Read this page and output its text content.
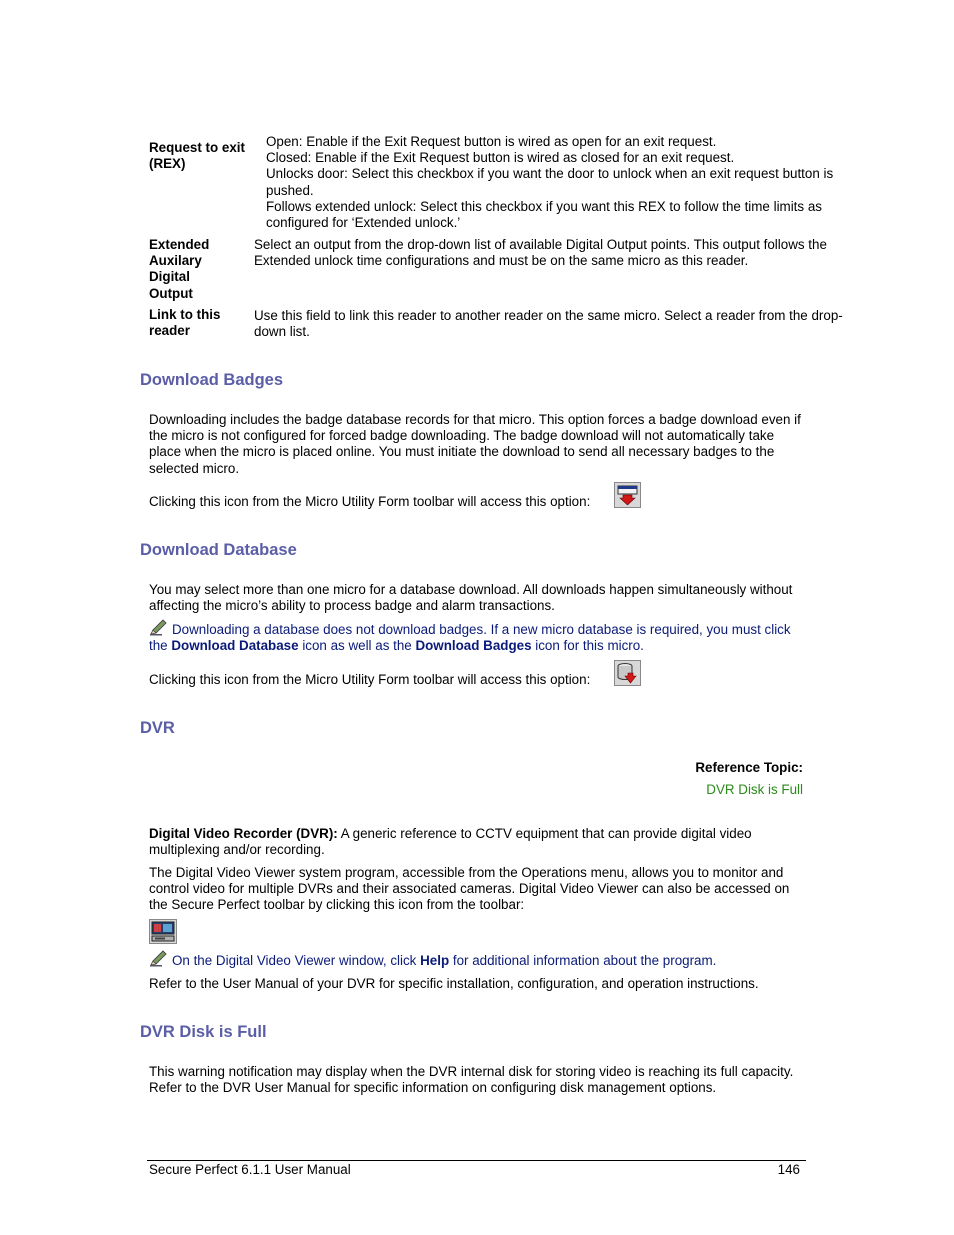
Request to exit (REX)
Open: Enable if the Exit Request button is wired as open for an exit request.
Closed: Enable if the Exit Request button is wired as closed for an exit request.
Unlocks door: Select this checkbox if you want the door to unlock when an exit request button is pushed.
Follows extended unlock: Select this checkbox if you want this REX to follow the time limits as configured for ‘Extended unlock.’
Extended Auxilary Digital Output
Select an output from the drop-down list of available Digital Output points. This output follows the Extended unlock time configurations and must be on the same micro as this reader.
Link to this reader
Use this field to link this reader to another reader on the same micro. Select a reader from the drop-down list.
Download Badges
Downloading includes the badge database records for that micro. This option forces a badge download even if the micro is not configured for forced badge downloading. The badge download will not automatically take place when the micro is placed online. You must initiate the download to send all necessary badges to the selected micro.
Clicking this icon from the Micro Utility Form toolbar will access this option:
Download Database
You may select more than one micro for a database download. All downloads happen simultaneously without affecting the micro’s ability to process badge and alarm transactions.
Downloading a database does not download badges. If a new micro database is required, you must click the Download Database icon as well as the Download Badges icon for this micro.
Clicking this icon from the Micro Utility Form toolbar will access this option:
DVR
Reference Topic:
DVR Disk is Full
Digital Video Recorder (DVR): A generic reference to CCTV equipment that can provide digital video multiplexing and/or recording.
The Digital Video Viewer system program, accessible from the Operations menu, allows you to monitor and control video for multiple DVRs and their associated cameras. Digital Video Viewer can also be accessed on the Secure Perfect toolbar by clicking this icon from the toolbar:
On the Digital Video Viewer window, click Help for additional information about the program.
Refer to the User Manual of your DVR for specific installation, configuration, and operation instructions.
DVR Disk is Full
This warning notification may display when the DVR internal disk for storing video is reaching its full capacity. Refer to the DVR User Manual for specific information on configuring disk management options.
Secure Perfect 6.1.1 User Manual	146
